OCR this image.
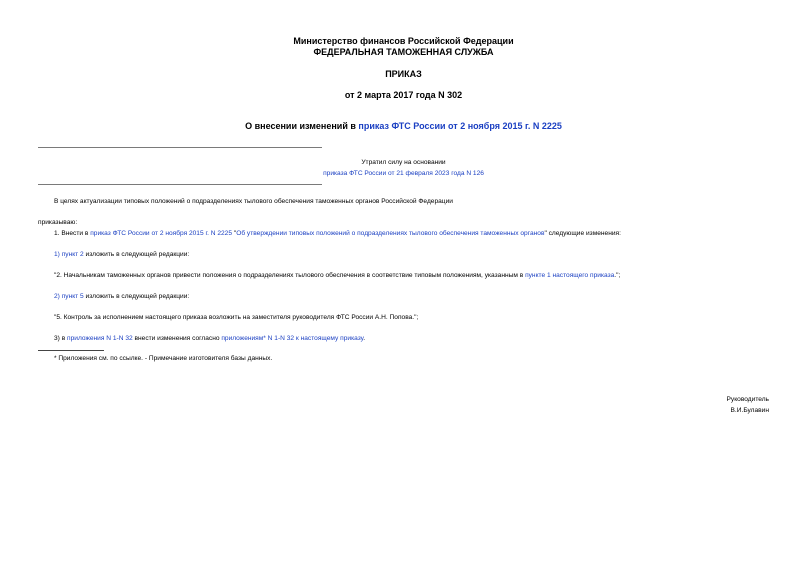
Министерство финансов Российской Федерации
ФЕДЕРАЛЬНАЯ ТАМОЖЕННАЯ СЛУЖБА
ПРИКАЗ
от 2 марта 2017 года N 302
О внесении изменений в приказ ФТС России от 2 ноября 2015 г. N 2225
Утратил силу на основании
приказа ФТС России от 21 февраля 2023 года N 126
В целях актуализации типовых положений о подразделениях тылового обеспечения таможенных органов Российской Федерации
приказываю:
1. Внести в приказ ФТС России от 2 ноября 2015 г. N 2225 "Об утверждении типовых положений о подразделениях тылового обеспечения таможенных органов" следующие изменения:
1) пункт 2 изложить в следующей редакции:
"2. Начальникам таможенных органов привести положения о подразделениях тылового обеспечения в соответствие типовым положениям, указанным в пункте 1 настоящего приказа.";
2) пункт 5 изложить в следующей редакции:
"5. Контроль за исполнением настоящего приказа возложить на заместителя руководителя ФТС России А.Н. Попова.";
3) в приложения N 1-N 32 внести изменения согласно приложениям* N 1-N 32 к настоящему приказу.
* Приложения см. по ссылке. - Примечание изготовителя базы данных.
Руководитель
В.И.Булавин
